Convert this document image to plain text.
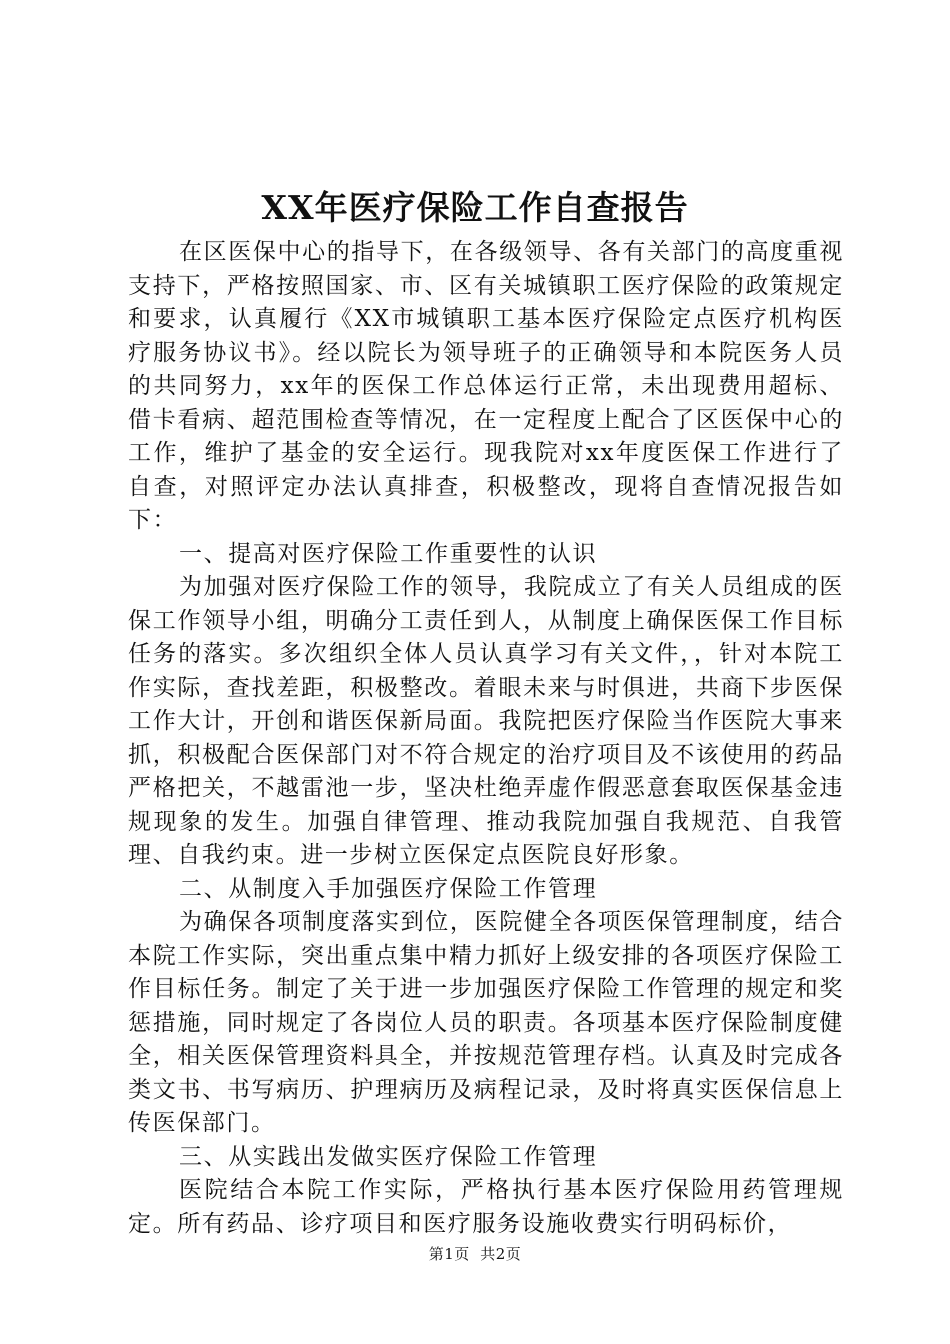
XX年医疗保险工作自查报告

在区医保中心的指导下，在各级领导、各有关部门的高度重视支持下，严格按照国家、市、区有关城镇职工医疗保险的政策规定和要求，认真履行《XX市城镇职工基本医疗保险定点医疗机构医疗服务协议书》。经以院长为领导班子的正确领导和本院医务人员的共同努力，xx年的医保工作总体运行正常，未出现费用超标、借卡看病、超范围检查等情况，在一定程度上配合了区医保中心的工作，维护了基金的安全运行。现我院对xx年度医保工作进行了自查，对照评定办法认真排查，积极整改，现将自查情况报告如下：

一、提高对医疗保险工作重要性的认识

为加强对医疗保险工作的领导，我院成立了有关人员组成的医保工作领导小组，明确分工责任到人，从制度上确保医保工作目标任务的落实。多次组织全体人员认真学习有关文件，，针对本院工作实际，查找差距，积极整改。着眼未来与时俱进，共商下步医保工作大计，开创和谐医保新局面。我院把医疗保险当作医院大事来抓，积极配合医保部门对不符合规定的治疗项目及不该使用的药品严格把关，不越雷池一步，坚决杜绝弄虚作假恶意套取医保基金违规现象的发生。加强自律管理、推动我院加强自我规范、自我管理、自我约束。进一步树立医保定点医院良好形象。

二、从制度入手加强医疗保险工作管理

为确保各项制度落实到位，医院健全各项医保管理制度，结合本院工作实际，突出重点集中精力抓好上级安排的各项医疗保险工作目标任务。制定了关于进一步加强医疗保险工作管理的规定和奖惩措施，同时规定了各岗位人员的职责。各项基本医疗保险制度健全，相关医保管理资料具全，并按规范管理存档。认真及时完成各类文书、书写病历、护理病历及病程记录，及时将真实医保信息上传医保部门。

三、从实践出发做实医疗保险工作管理

医院结合本院工作实际，严格执行基本医疗保险用药管理规定。所有药品、诊疗项目和医疗服务设施收费实行明码标价，

第1页  共2页
